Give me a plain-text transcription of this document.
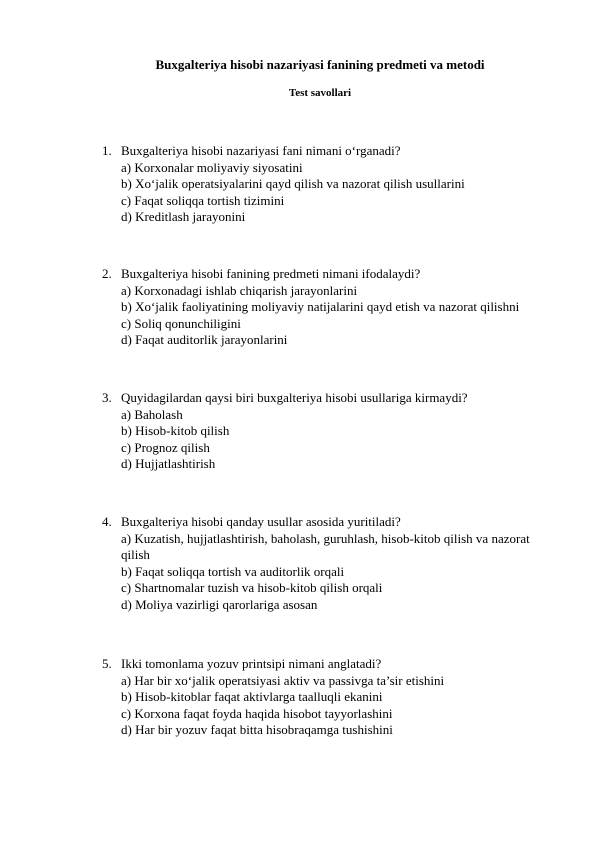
Buxgalteriya hisobi nazariyasi fanining predmeti va metodi
Test savollari
1. Buxgalteriya hisobi nazariyasi fani nimani o‘rganadi?
a) Korxonalar moliyaviy siyosatini
b) Xo‘jalik operatsiyalarini qayd qilish va nazorat qilish usullarini
c) Faqat soliqqa tortish tizimini
d) Kreditlash jarayonini
2. Buxgalteriya hisobi fanining predmeti nimani ifodalaydi?
a) Korxonadagi ishlab chiqarish jarayonlarini
b) Xo‘jalik faoliyatining moliyaviy natijalarini qayd etish va nazorat qilishni
c) Soliq qonunchiligini
d) Faqat auditorlik jarayonlarini
3. Quyidagilardan qaysi biri buxgalteriya hisobi usullariga kirmaydi?
a) Baholash
b) Hisob-kitob qilish
c) Prognoz qilish
d) Hujjatlashtirish
4. Buxgalteriya hisobi qanday usullar asosida yuritiladi?
a) Kuzatish, hujjatlashtirish, baholash, guruhlash, hisob-kitob qilish va nazorat qilish
b) Faqat soliqqa tortish va auditorlik orqali
c) Shartnomalar tuzish va hisob-kitob qilish orqali
d) Moliya vazirligi qarorlariga asosan
5. Ikki tomonlama yozuv printsipi nimani anglatadi?
a) Har bir xo‘jalik operatsiyasi aktiv va passivga ta’sir etishini
b) Hisob-kitoblar faqat aktivlarga taalluqli ekanini
c) Korxona faqat foyda haqida hisobot tayyorlashini
d) Har bir yozuv faqat bitta hisobraqamga tushishini
